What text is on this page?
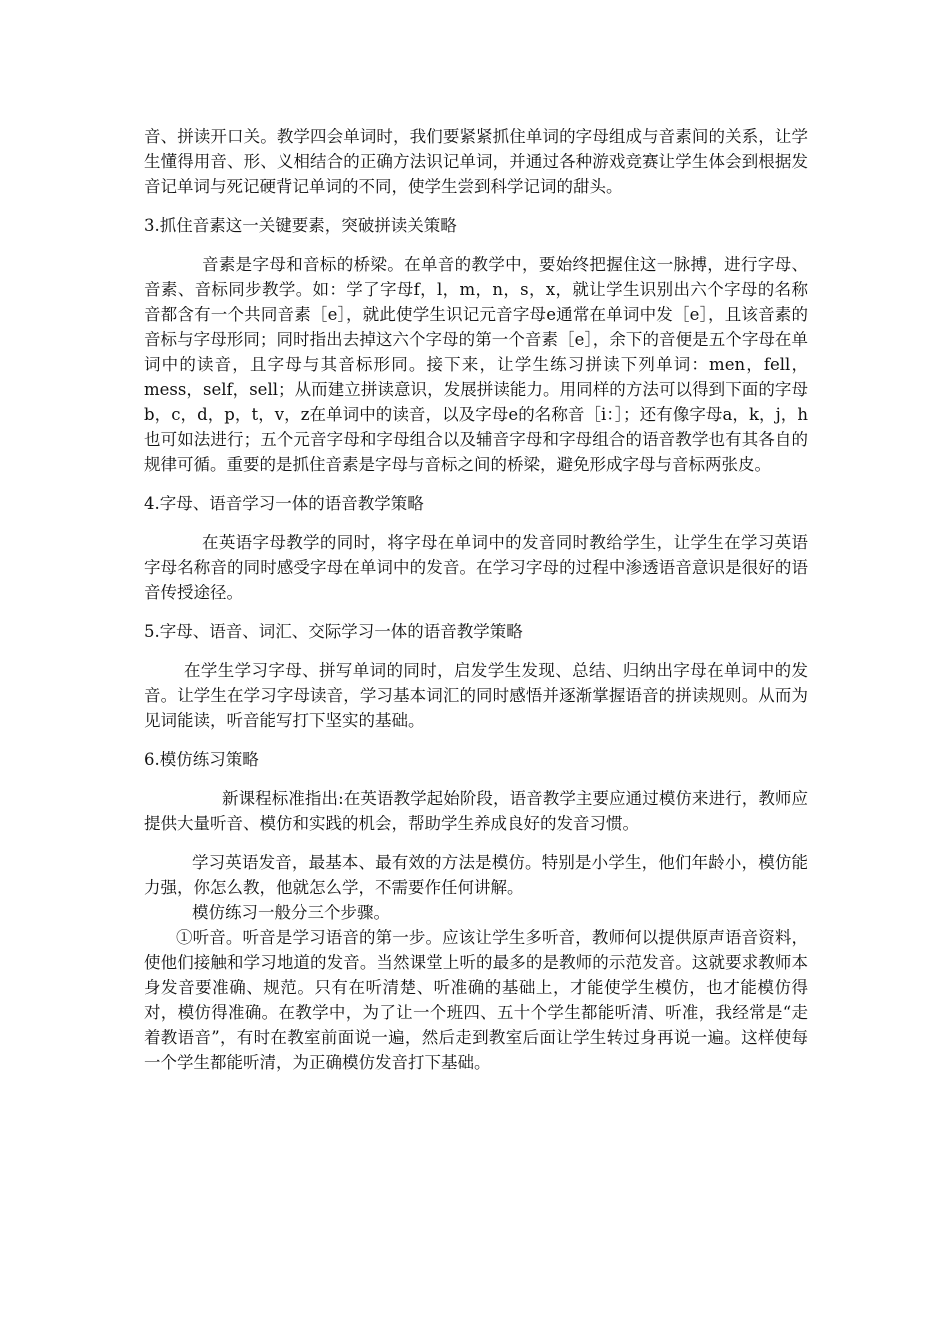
音、拼读开口关。教学四会单词时，我们要紧紧抓住单词的字母组成与音素间的关系，让学生懂得用音、形、义相结合的正确方法识记单词，并通过各种游戏竞赛让学生体会到根据发音记单词与死记硬背记单词的不同，使学生尝到科学记词的甜头。

3.抓住音素这一关键要素，突破拼读关策略

音素是字母和音标的桥梁。在单音的教学中，要始终把握住这一脉搏，进行字母、音素、音标同步教学。如：学了字母f，l，m，n，s，x，就让学生识别出六个字母的名称音都含有一个共同音素［e］，就此使学生识记元音字母e通常在单词中发［e］，且该音素的音标与字母形同；同时指出去掉这六个字母的第一个音素［e］，余下的音便是五个字母在单词中的读音，且字母与其音标形同。接下来，让学生练习拼读下列单词：men，fell，mess，self，sell；从而建立拼读意识，发展拼读能力。用同样的方法可以得到下面的字母b，c，d，p，t，v，z在单词中的读音，以及字母e的名称音［i：］；还有像字母a，k，j，h也可如法进行；五个元音字母和字母组合以及辅音字母和字母组合的语音教学也有其各自的规律可循。重要的是抓住音素是字母与音标之间的桥梁，避免形成字母与音标两张皮。

4.字母、语音学习一体的语音教学策略

在英语字母教学的同时，将字母在单词中的发音同时教给学生，让学生在学习英语字母名称音的同时感受字母在单词中的发音。在学习字母的过程中渗透语音意识是很好的语音传授途径。

5.字母、语音、词汇、交际学习一体的语音教学策略

在学生学习字母、拼写单词的同时，启发学生发现、总结、归纳出字母在单词中的发音。让学生在学习字母读音，学习基本词汇的同时感悟并逐渐掌握语音的拼读规则。从而为见词能读，听音能写打下坚实的基础。

6.模仿练习策略

新课程标准指出:在英语教学起始阶段，语音教学主要应通过模仿来进行，教师应提供大量听音、模仿和实践的机会，帮助学生养成良好的发音习惯。

学习英语发音，最基本、最有效的方法是模仿。特别是小学生，他们年龄小，模仿能力强，你怎么教，他就怎么学，不需要作任何讲解。

模仿练习一般分三个步骤。

①听音。听音是学习语音的第一步。应该让学生多听音，教师何以提供原声语音资料，使他们接触和学习地道的发音。当然课堂上听的最多的是教师的示范发音。这就要求教师本身发音要准确、规范。只有在听清楚、听准确的基础上，才能使学生模仿，也才能模仿得对，模仿得准确。在教学中，为了让一个班四、五十个学生都能听清、听准，我经常是“走着教语音”，有时在教室前面说一遍，然后走到教室后面让学生转过身再说一遍。这样使每一个学生都能听清，为正确模仿发音打下基础。
